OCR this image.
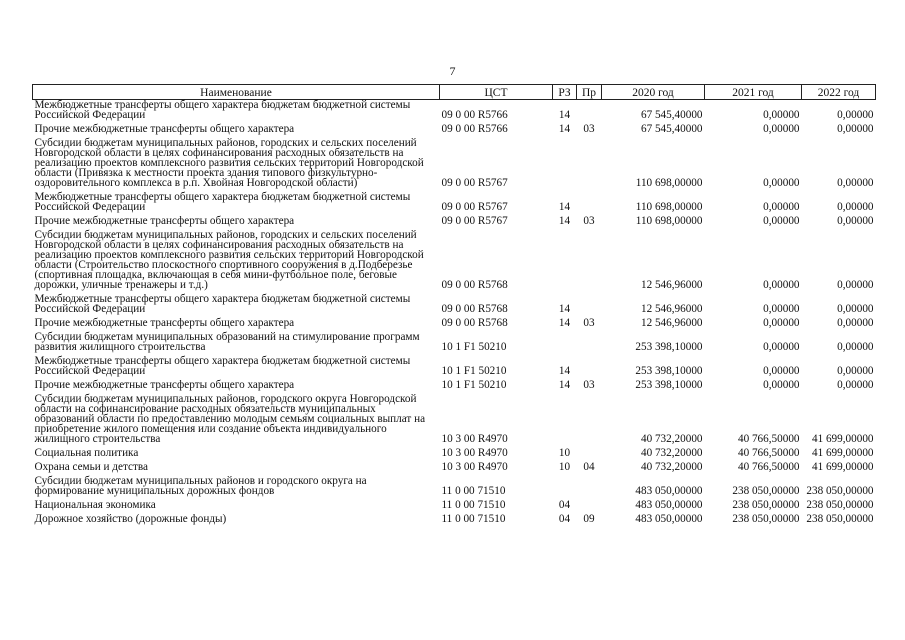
7
Наименование	ЦСТ	РЗ	Пр	2020 год	2021 год	2022 год
Межбюджетные трансферты общего характера бюджетам бюджетной системы Российской Федерации	09 0 00 R5766	14		67 545,40000	0,00000	0,00000
Прочие межбюджетные трансферты общего характера	09 0 00 R5766	14	03	67 545,40000	0,00000	0,00000
Субсидии бюджетам муниципальных районов, городских и сельских поселений Новгородской области в целях софинансирования расходных обязательств на реализацию проектов комплексного развития сельских территорий Новгородской области (Привязка к местности проекта здания типового физкультурно-оздоровительного комплекса в р.п. Хвойная Новгородской области)	09 0 00 R5767			110 698,00000	0,00000	0,00000
Межбюджетные трансферты общего характера бюджетам бюджетной системы Российской Федерации	09 0 00 R5767	14		110 698,00000	0,00000	0,00000
Прочие межбюджетные трансферты общего характера	09 0 00 R5767	14	03	110 698,00000	0,00000	0,00000
Субсидии бюджетам муниципальных районов, городских и сельских поселений Новгородской области в целях софинансирования расходных обязательств на реализацию проектов комплексного развития сельских территорий Новгородской области (Строительство плоскостного спортивного сооружения в д.Подберезье (спортивная площадка, включающая в себя мини-футбольное поле, беговые дорожки, уличные тренажеры и т.д.)	09 0 00 R5768			12 546,96000	0,00000	0,00000
Межбюджетные трансферты общего характера бюджетам бюджетной системы Российской Федерации	09 0 00 R5768	14		12 546,96000	0,00000	0,00000
Прочие межбюджетные трансферты общего характера	09 0 00 R5768	14	03	12 546,96000	0,00000	0,00000
Субсидии бюджетам муниципальных образований на стимулирование программ развития жилищного строительства	10 1 F1 50210			253 398,10000	0,00000	0,00000
Межбюджетные трансферты общего характера бюджетам бюджетной системы Российской Федерации	10 1 F1 50210	14		253 398,10000	0,00000	0,00000
Прочие межбюджетные трансферты общего характера	10 1 F1 50210	14	03	253 398,10000	0,00000	0,00000
Субсидии бюджетам муниципальных районов, городского округа Новгородской области на софинансирование расходных обязательств муниципальных образований области по предоставлению молодым семьям социальных выплат на приобретение жилого помещения или создание объекта индивидуального жилищного строительства	10 3 00 R4970			40 732,20000	40 766,50000	41 699,00000
Социальная политика	10 3 00 R4970	10		40 732,20000	40 766,50000	41 699,00000
Охрана семьи и детства	10 3 00 R4970	10	04	40 732,20000	40 766,50000	41 699,00000
Субсидии бюджетам муниципальных районов и городского округа на формирование муниципальных дорожных фондов	11 0 00 71510			483 050,00000	238 050,00000	238 050,00000
Национальная экономика	11 0 00 71510	04		483 050,00000	238 050,00000	238 050,00000
Дорожное хозяйство (дорожные фонды)	11 0 00 71510	04	09	483 050,00000	238 050,00000	238 050,00000
